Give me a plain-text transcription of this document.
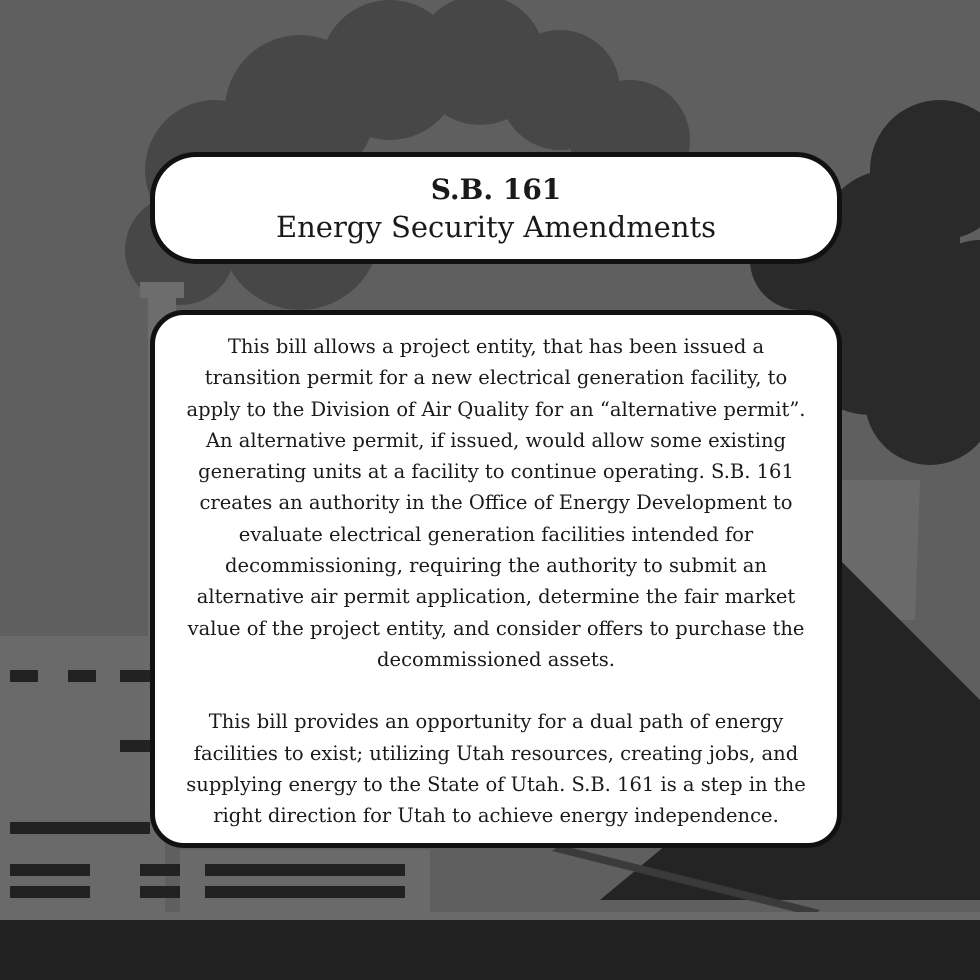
S.B. 161
Energy Security Amendments

This bill allows a project entity, that has been issued a transition permit for a new electrical generation facility, to apply to the Division of Air Quality for an “alternative permit”. An alternative permit, if issued, would allow some existing generating units at a facility to continue operating. S.B. 161 creates an authority in the Office of Energy Development to evaluate electrical generation facilities intended for decommissioning, requiring the authority to submit an alternative air permit application, determine the fair market value of the project entity, and consider offers to purchase the decommissioned assets.

This bill provides an opportunity for a dual path of energy facilities to exist; utilizing Utah resources, creating jobs, and supplying energy to the State of Utah. S.B. 161 is a step in the right direction for Utah to achieve energy independence.
